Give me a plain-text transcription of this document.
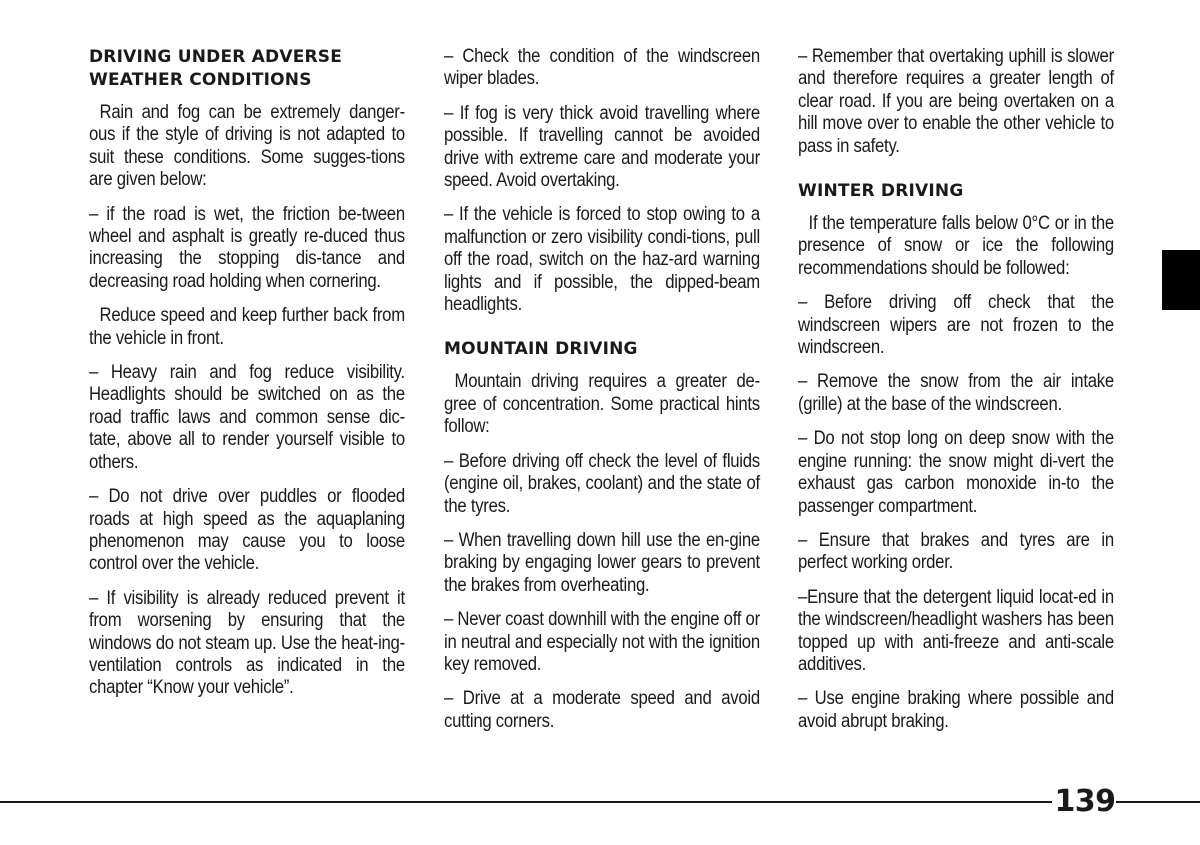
DRIVING UNDER ADVERSE WEATHER CONDITIONS

Rain and fog can be extremely danger-ous if the style of driving is not adapted to suit these conditions. Some sugges-tions are given below:

– if the road is wet, the friction be-tween wheel and asphalt is greatly re-duced thus increasing the stopping dis-tance and decreasing road holding when cornering.

Reduce speed and keep further back from the vehicle in front.

– Heavy rain and fog reduce visibility. Headlights should be switched on as the road traffic laws and common sense dic-tate, above all to render yourself visible to others.

– Do not drive over puddles or flooded roads at high speed as the aquaplaning phenomenon may cause you to loose control over the vehicle.

– If visibility is already reduced prevent it from worsening by ensuring that the windows do not steam up. Use the heat-ing-ventilation controls as indicated in the chapter “Know your vehicle”.

– Check the condition of the windscreen wiper blades.

– If fog is very thick avoid travelling where possible. If travelling cannot be avoided drive with extreme care and moderate your speed. Avoid overtaking.

– If the vehicle is forced to stop owing to a malfunction or zero visibility condi-tions, pull off the road, switch on the haz-ard warning lights and if possible, the dipped-beam headlights.

MOUNTAIN DRIVING

Mountain driving requires a greater de-gree of concentration. Some practical hints follow:

– Before driving off check the level of fluids (engine oil, brakes, coolant) and the state of the tyres.

– When travelling down hill use the en-gine braking by engaging lower gears to prevent the brakes from overheating.

– Never coast downhill with the engine off or in neutral and especially not with the ignition key removed.

– Drive at a moderate speed and avoid cutting corners.

– Remember that overtaking uphill is slower and therefore requires a greater length of clear road. If you are being overtaken on a hill move over to enable the other vehicle to pass in safety.

WINTER DRIVING

If the temperature falls below 0°C or in the presence of snow or ice the following recommendations should be followed:

– Before driving off check that the windscreen wipers are not frozen to the windscreen.

– Remove the snow from the air intake (grille) at the base of the windscreen.

– Do not stop long on deep snow with the engine running: the snow might di-vert the exhaust gas carbon monoxide in-to the passenger compartment.

– Ensure that brakes and tyres are in perfect working order.

–Ensure that the detergent liquid locat-ed in the windscreen/headlight washers has been topped up with anti-freeze and anti-scale additives.

– Use engine braking where possible and avoid abrupt braking.

139
